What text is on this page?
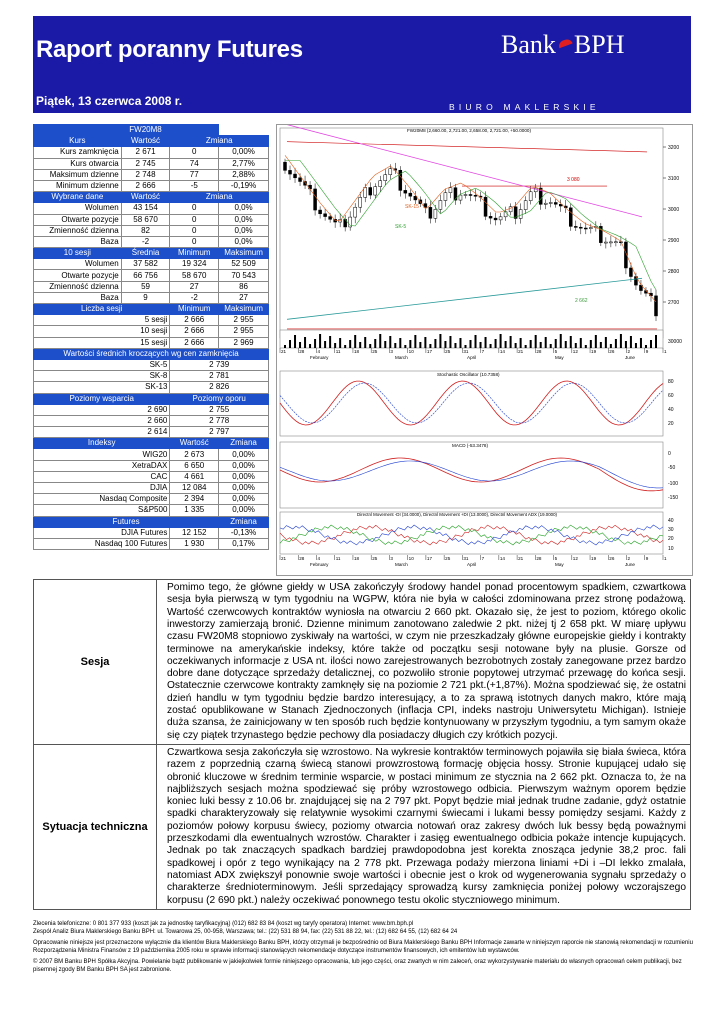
Raport poranny Futures
Piątek, 13 czerwca 2008 r.
Bank BPH
BIURO MAKLERSKIE
	FW20M8		
Kurs	Wartość	Zmiana	
Kurs zamknięcia	2 671	0	0,00%
Kurs otwarcia	2 745	74	2,77%
Maksimum dzienne	2 748	77	2,88%
Minimum dzienne	2 666	-5	-0,19%
Wybrane dane	Wartość	Zmiana	
Wolumen	43 154	0	0,0%
Otwarte pozycje	58 670	0	0,0%
Zmienność dzienna	82	0	0,0%
Baza	-2	0	0,0%
10 sesji	Średnia	Minimum	Maksimum
Wolumen	37 582	19 324	52 509
Otwarte pozycje	66 756	58 670	70 543
Zmienność dzienna	59	27	86
Baza	9	-2	27
Liczba sesji		Minimum	Maksimum
5 sesji		2 666	2 955
10 sesji		2 666	2 955
15 sesji		2 666	2 969
Wartości średnich kroczących wg cen zamknięcia			
SK-5		2 739	
SK-8		2 781	
SK-13		2 826	
Poziomy wsparcia		Poziomy oporu	
2 690		2 755	
2 660		2 778	
2 614		2 797	
Indeksy		Wartość	Zmiana
WIG20		2 673	0,00%
XetraDAX		6 650	0,00%
CAC		4 661	0,00%
DJIA		12 084	0,00%
Nasdaq Composite		2 394	0,00%
S&P500		1 335	0,00%
Futures			Zmiana
DJIA Futures		12 152	-0,13%
Nasdaq 100 Futures		1 930	0,17%
FW20M8 (2,660.00, 2,721.00, 2,658.00, 2,721.00, +50.0000)
3200
3100
3000
2900
2800
2700
SK-15
SK-5
3 080
2 662
30000
21	28	4	11	18	25	3	10	17	25	31	7	14	21	28	5	12	19	26	2	9	1
February	March	April	May	June
21	28	4	11	18	25	3	10	17	25	31	7	14	21	28	5	12	19	26	2	9	1
February	March	April	May	June
Stochastic Oscillator (10.7358)
80
60
40
20
MACD (-53.3478)
0
-50
-100
-150
Directnl Movement -DI (34.0000), Directnl Movement +DI (13.0000), Directnl Movement ADX (19.0000)
40
30
20
10
Sesja	Pomimo tego, że główne giełdy w USA zakończyły środowy handel ponad procentowym spadkiem, czwartkowa sesja była pierwszą w tym tygodniu na WGPW, która nie była w całości zdominowana przez stronę podażową. Wartość czerwcowych kontraktów wyniosła na otwarciu 2 660 pkt. Okazało się, że jest to poziom, którego okolic inwestorzy zamierzają bronić. Dzienne minimum zanotowano zaledwie 2 pkt. niżej tj 2 658 pkt. W miarę upływu czasu FW20M8 stopniowo zyskiwały na wartości, w czym nie przeszkadzały główne europejskie giełdy i kontrakty terminowe na amerykańskie indeksy, które także od początku sesji notowane były na plusie. Gorsze od oczekiwanych informacje z USA nt. ilości nowo zarejestrowanych bezrobotnych zostały zanegowane przez bardzo dobre dane dotyczące sprzedaży detalicznej, co pozwoliło stronie popytowej utrzymać przewagę do końca sesji. Ostatecznie czerwcowe kontrakty zamknęły się na poziomie 2 721 pkt.(+1,87%). Można spodziewać się, że ostatni dzień handlu w tym tygodniu będzie bardzo interesujący, a to za sprawą istotnych danych makro, które mają zostać opublikowane w Stanach Zjednoczonych (inflacja CPI, indeks nastroju Uniwersytetu Michigan). Istnieje duża szansa, że zainicjowany w ten sposób ruch będzie kontynuowany w przyszłym tygodniu, a tym samym okaże się czy piątek trzynastego będzie pechowy dla posiadaczy długich czy krótkich pozycji.
Sytuacja techniczna	Czwartkowa sesja zakończyła się wzrostowo. Na wykresie kontraktów terminowych pojawiła się biała świeca, która razem z poprzednią czarną świecą stanowi prowzrostową formację objęcia hossy. Stronie kupującej udało się obronić kluczowe w średnim terminie wsparcie, w postaci minimum ze stycznia na 2 662 pkt. Oznacza to, że na najbliższych sesjach można spodziewać się próby wzrostowego odbicia. Pierwszym ważnym oporem będzie koniec luki bessy z 10.06 br. znajdującej się na 2 797 pkt. Popyt będzie miał jednak trudne zadanie, gdyż ostatnie spadki charakteryzowały się relatywnie wysokimi czarnymi świecami i lukami bessy pomiędzy sesjami. Każdy z poziomów połowy korpusu świecy, poziomy otwarcia notowań oraz zakresy dwóch luk bessy będą poważnymi przeszkodami dla ewentualnych wzrostów. Charakter i zasięg ewentualnego odbicia pokaże intencje kupujących. Jednak po tak znaczących spadkach bardziej prawdopodobna jest korekta znosząca jedynie 38,2 proc. fali spadkowej i opór z tego wynikający na 2 778 pkt. Przewaga podaży mierzona liniami +Di i –DI lekko zmalała, natomiast ADX zwiększył ponownie swoje wartości i obecnie jest o krok od wygenerowania sygnału sprzedaży o charakterze średnioterminowym. Jeśli sprzedający sprowadzą kursy zamknięcia poniżej połowy wczorajszego korpusu (2 690 pkt.) należy oczekiwać ponownego testu okolic styczniowego minimum.

Zlecenia telefoniczne: 0 801 377 933 (koszt jak za jednostkę taryfikacyjną) (012) 682 83 84 (koszt wg taryfy operatora) Internet: www.bm.bph.pl
Zespół Analiz Biura Maklerskiego Banku BPH: ul. Towarowa 25, 00-958, Warszawa; tel.: (22) 531 88 94, fax: (22) 531 88 22, tel.: (12) 682 64 55, (12) 682 64 24

Opracowanie niniejsze jest przeznaczone wyłącznie dla klientów Biura Maklerskiego Banku BPH, którzy otrzymali je bezpośrednio od Biura Maklerskiego Banku BPH Informacje zawarte w niniejszym raporcie nie stanowią rekomendacji w rozumieniu Rozporządzenia Ministra Finansów z 19 października 2005 roku w sprawie informacji stanowiących rekomendacje dotyczące instrumentów finansowych, ich emitentów lub wystawców.

© 2007 BM Banku BPH Spółka Akcyjna. Powielanie bądź publikowanie w jakiejkolwiek formie niniejszego opracowania, lub jego części, oraz zwartych w nim zaleceń, oraz wykorzystywanie materiału do własnych opracowań celem publikacji, bez pisemnej zgody BM Banku BPH SA jest zabronione.
